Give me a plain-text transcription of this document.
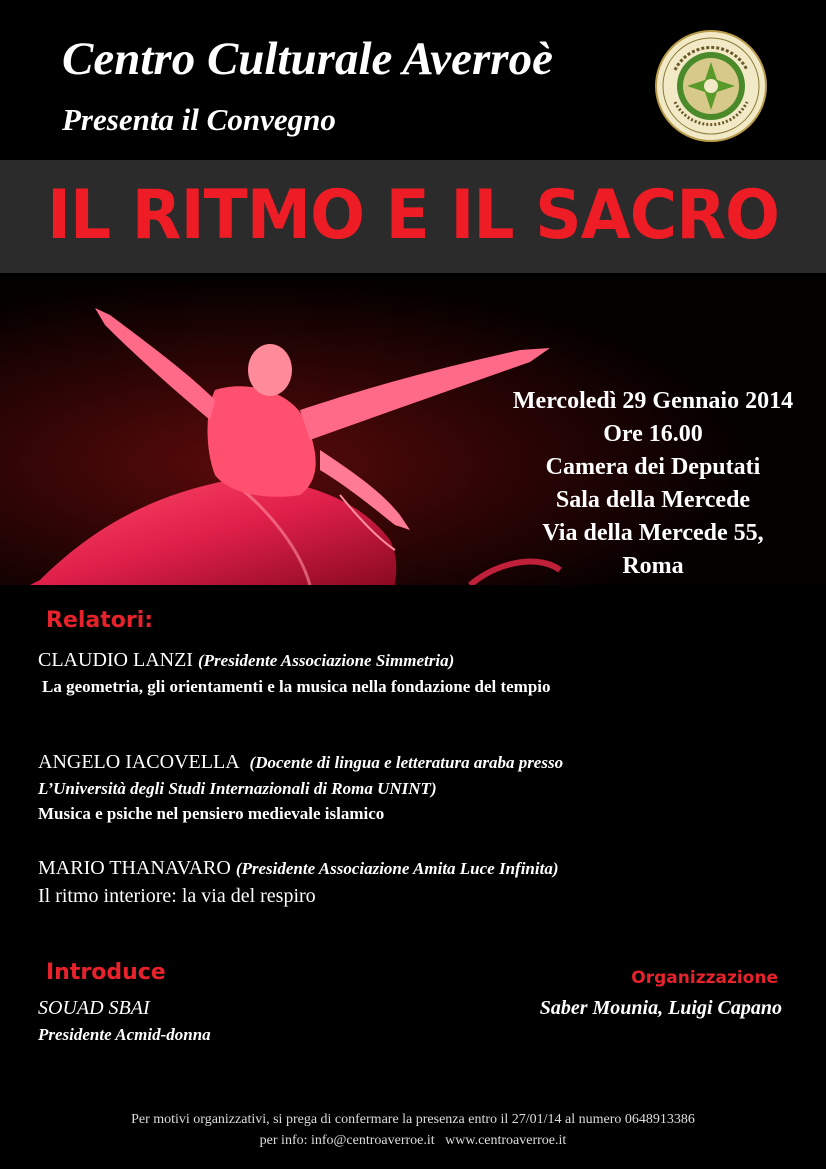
Centro Culturale Averroè
Presenta il Convegno
IL RITMO E IL SACRO
Mercoledì 29 Gennaio 2014
Ore 16.00
Camera dei Deputati
Sala della Mercede
Via della Mercede 55,
Roma
Relatori:
CLAUDIO LANZI (Presidente Associazione Simmetria)
La geometria, gli orientamenti e la musica nella fondazione del tempio
ANGELO IACOVELLA (Docente di lingua e letteratura araba presso
L’Università degli Studi Internazionali di Roma UNINT)
Musica e psiche nel pensiero medievale islamico
MARIO THANAVARO (Presidente Associazione Amita Luce Infinita)
Il ritmo interiore: la via del respiro
Introduce
SOUAD SBAI
Presidente Acmid-donna
Organizzazione
Saber Mounia, Luigi Capano
Per motivi organizzativi, si prega di confermare la presenza entro il 27/01/14 al numero 0648913386
per info: info@centroaverroe.it   www.centroaverroe.it
